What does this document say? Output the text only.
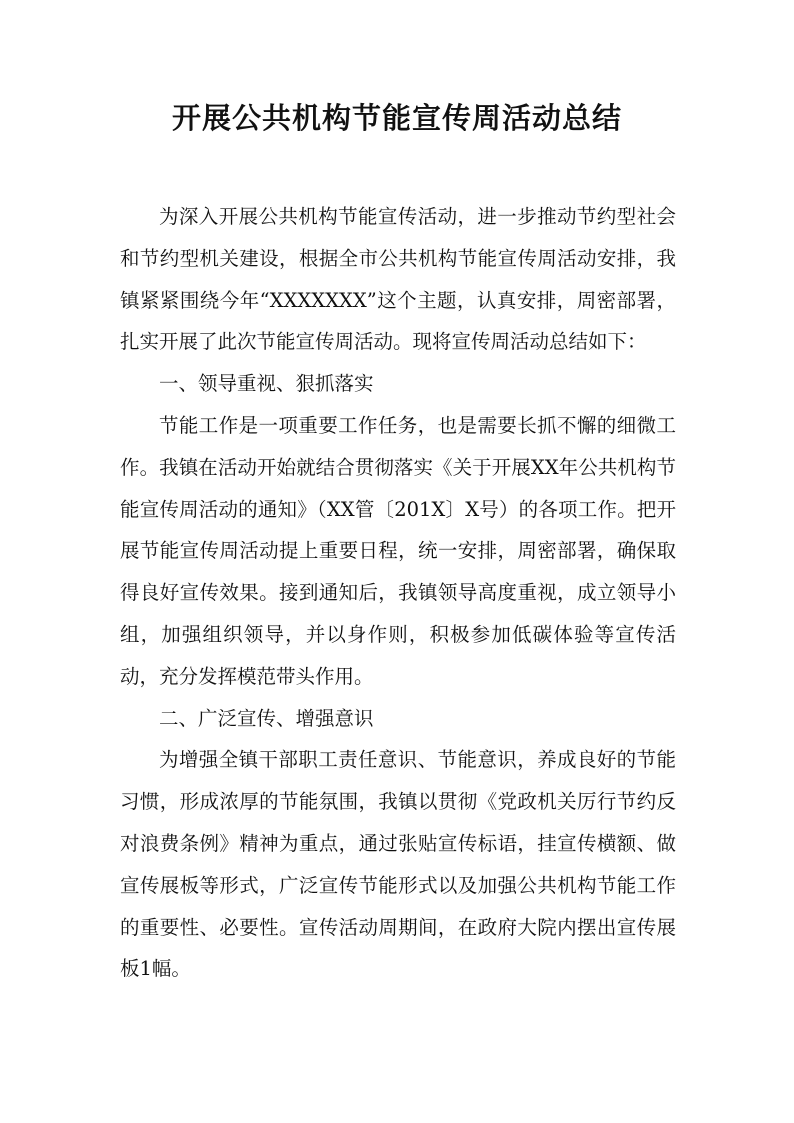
开展公共机构节能宣传周活动总结

为深入开展公共机构节能宣传活动，进一步推动节约型社会和节约型机关建设，根据全市公共机构节能宣传周活动安排，我镇紧紧围绕今年“XXXXXXX”这个主题，认真安排，周密部署，扎实开展了此次节能宣传周活动。现将宣传周活动总结如下：

一、领导重视、狠抓落实

节能工作是一项重要工作任务，也是需要长抓不懈的细微工作。我镇在活动开始就结合贯彻落实《关于开展XX年公共机构节能宣传周活动的通知》（XX管〔201X〕X号）的各项工作。把开展节能宣传周活动提上重要日程，统一安排，周密部署，确保取得良好宣传效果。接到通知后，我镇领导高度重视，成立领导小组，加强组织领导，并以身作则，积极参加低碳体验等宣传活动，充分发挥模范带头作用。

二、广泛宣传、增强意识

为增强全镇干部职工责任意识、节能意识，养成良好的节能习惯，形成浓厚的节能氛围，我镇以贯彻《党政机关厉行节约反对浪费条例》精神为重点，通过张贴宣传标语，挂宣传横额、做宣传展板等形式，广泛宣传节能形式以及加强公共机构节能工作的重要性、必要性。宣传活动周期间，在政府大院内摆出宣传展板1幅。
